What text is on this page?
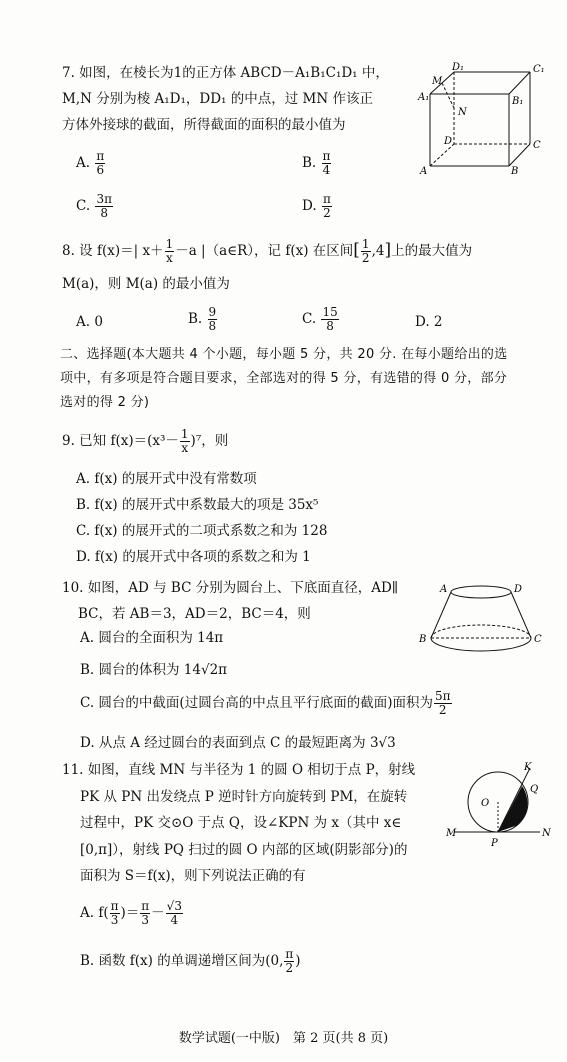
7. 如图，在棱长为1的正方体 ABCD－A₁B₁C₁D₁ 中，
M,N 分别为棱 A₁D₁，DD₁ 的中点，过 MN 作该正
方体外接球的截面，所得截面的面积的最小值为
A. $\frac{\pi}{6}$	B. $\frac{\pi}{4}$
C. $\frac{3\pi}{8}$	D. $\frac{\pi}{2}$
D₁	C₁
M
A₁	B₁
N
D	C
A	B
8. 设 f(x)＝| $x+ \frac{1}{x} -a$ |（a∈R），记 f(x) 在区间[ $\frac{1}{2} ,4$]上的最大值为
M(a)，则 M(a) 的最小值为
A. 0	B. $\frac{9}{8}$	C. $\frac{15}{8}$	D. 2
二、选择题(本大题共 4 个小题，每小题 5 分，共 20 分. 在每小题给出的选
项中，有多项是符合题目要求，全部选对的得 5 分，有选错的得 0 分，部分
选对的得 2 分)
9. 已知 $f(x)=(x^3- \frac{1}{x} )^7$，则
A. f(x) 的展开式中没有常数项
B. f(x) 的展开式中系数最大的项是 35x⁵
C. f(x) 的展开式的二项式系数之和为 128
D. f(x) 的展开式中各项的系数之和为 1
10. 如图，AD 与 BC 分别为圆台上、下底面直径，AD∥
BC，若 AB＝3，AD＝2，BC＝4，则
A. 圆台的全面积为 14π
B. 圆台的体积为 14√2π
C. 圆台的中截面(过圆台高的中点且平行底面的截面)面积为 $\frac{5\pi}{2}$
D. 从点 A 经过圆台的表面到点 C 的最短距离为 3√3
A	D
B	C
11. 如图，直线 MN 与半径为 1 的圆 O 相切于点 P，射线
PK 从 PN 出发绕点 P 逆时针方向旋转到 PM，在旋转
过程中，PK 交⊙O 于点 Q，设∠KPN 为 x（其中 x∈
[0,π]），射线 PQ 扫过的圆 O 内部的区域(阴影部分)的
面积为 S＝f(x)，则下列说法正确的有
A. $f( \frac{\pi}{3}$ )＝ $\frac{\pi}{3} - \frac{√3}{4}$
B. 函数 f(x) 的单调递增区间为(0, $\frac{\pi}{2}$ )
K
O
Q
M
P
N
数学试题(一中版)　第 2 页(共 8 页)
